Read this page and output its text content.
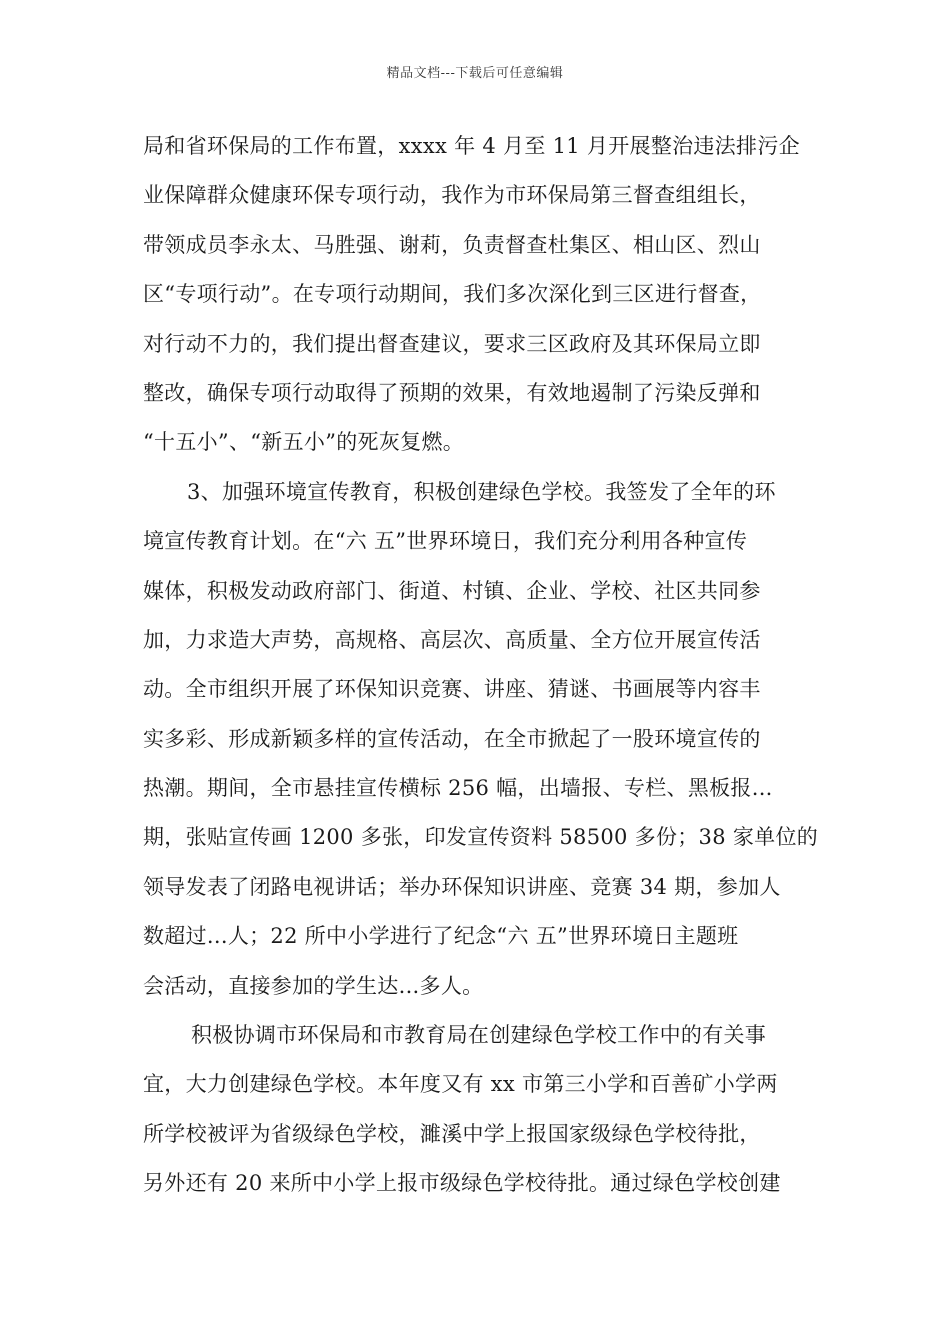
精品文档---下载后可任意编辑
局和省环保局的工作布置，xxxx 年 4 月至 11 月开展整治违法排污企
业保障群众健康环保专项行动，我作为市环保局第三督查组组长，
带领成员李永太、马胜强、谢莉，负责督查杜集区、相山区、烈山
区“专项行动”。在专项行动期间，我们多次深化到三区进行督查，
对行动不力的，我们提出督查建议，要求三区政府及其环保局立即
整改，确保专项行动取得了预期的效果，有效地遏制了污染反弹和
“十五小”、“新五小”的死灰复燃。
3、加强环境宣传教育，积极创建绿色学校。我签发了全年的环
境宣传教育计划。在“六 五”世界环境日，我们充分利用各种宣传
媒体，积极发动政府部门、街道、村镇、企业、学校、社区共同参
加，力求造大声势，高规格、高层次、高质量、全方位开展宣传活
动。全市组织开展了环保知识竞赛、讲座、猜谜、书画展等内容丰
实多彩、形成新颖多样的宣传活动，在全市掀起了一股环境宣传的
热潮。期间，全市悬挂宣传横标 256 幅，出墙报、专栏、黑板报...
期，张贴宣传画 1200 多张，印发宣传资料 58500 多份；38 家单位的
领导发表了闭路电视讲话；举办环保知识讲座、竞赛 34 期，参加人
数超过...人；22 所中小学进行了纪念“六 五”世界环境日主题班
会活动，直接参加的学生达...多人。
积极协调市环保局和市教育局在创建绿色学校工作中的有关事
宜，大力创建绿色学校。本年度又有 xx 市第三小学和百善矿小学两
所学校被评为省级绿色学校，濉溪中学上报国家级绿色学校待批，
另外还有 20 来所中小学上报市级绿色学校待批。通过绿色学校创建
